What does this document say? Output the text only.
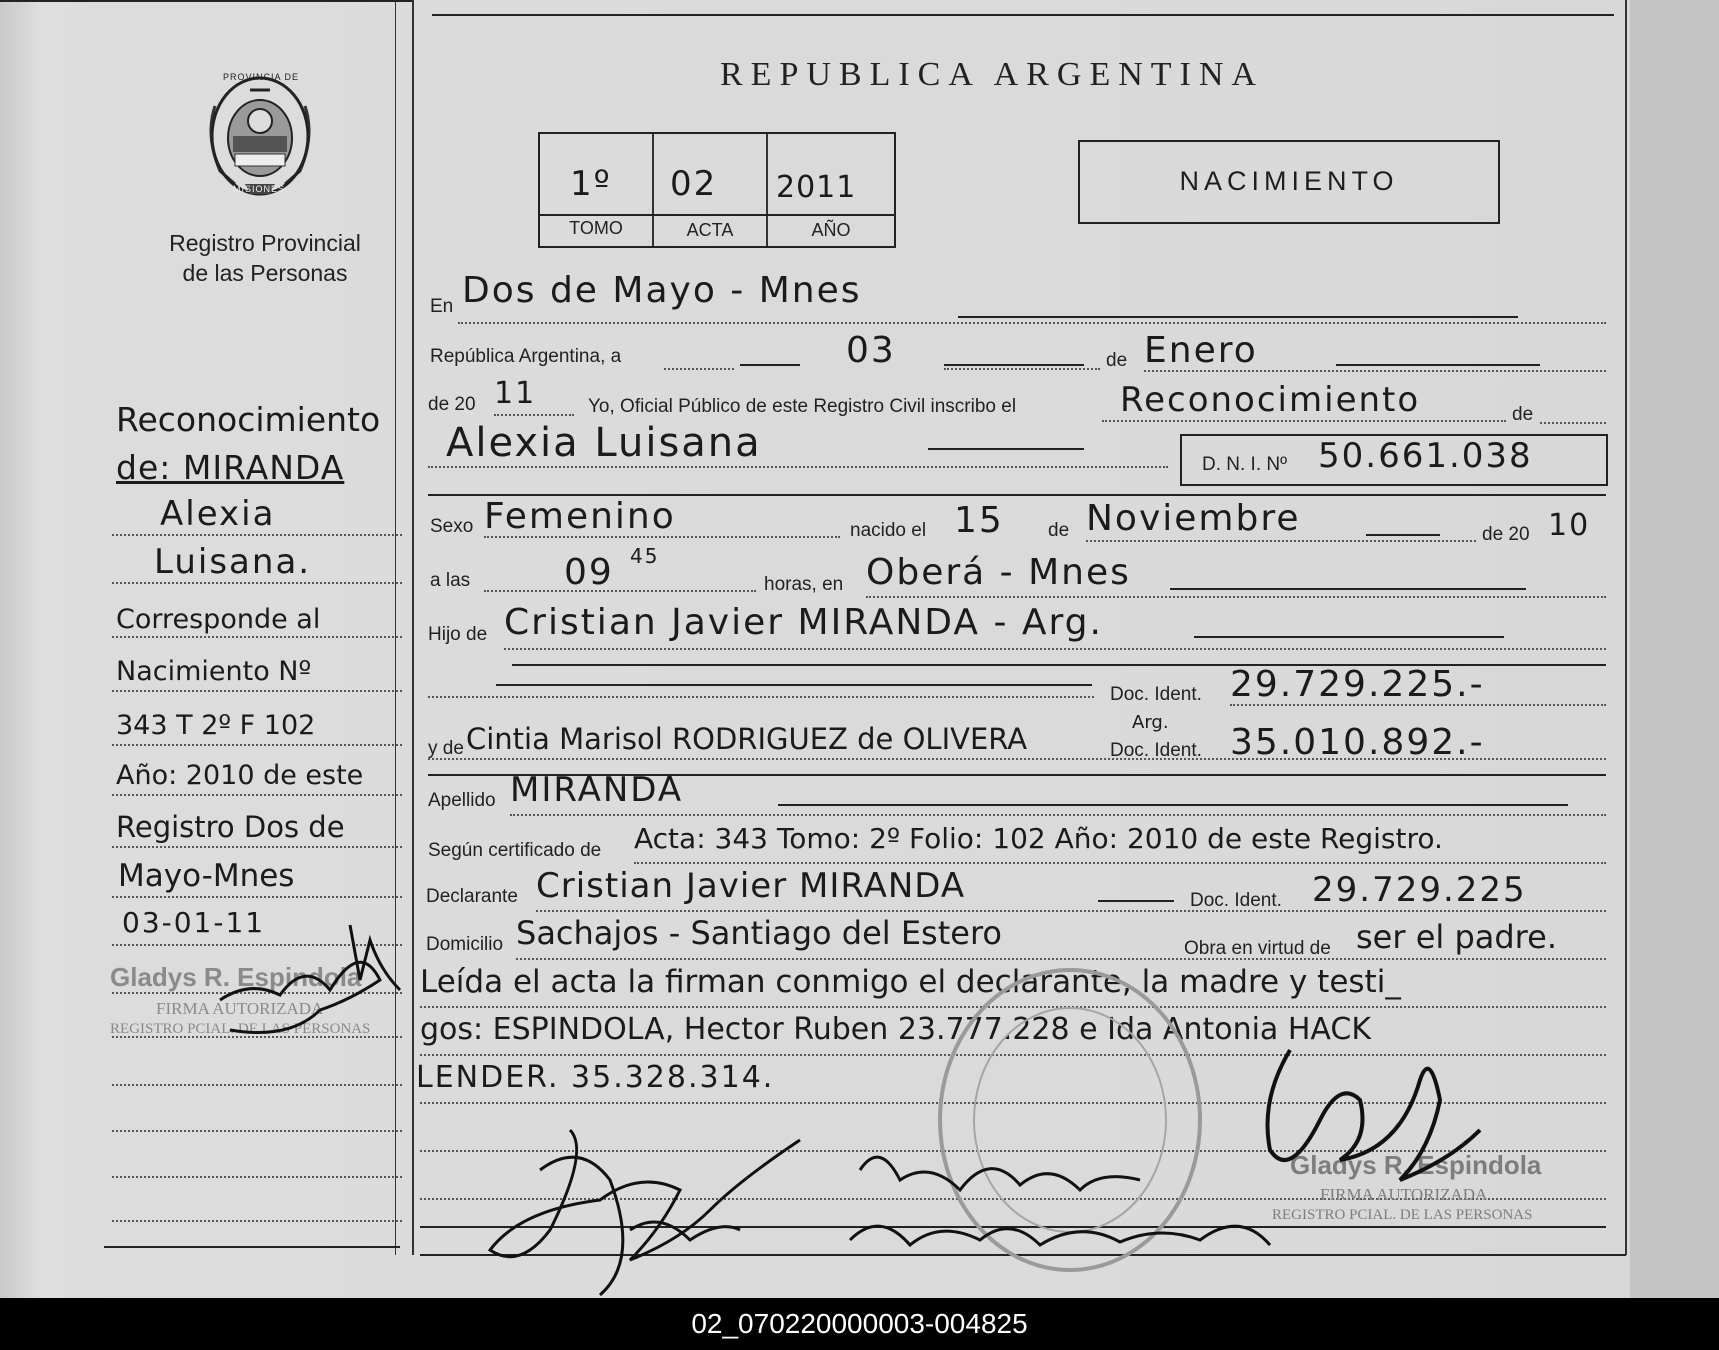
PROVINCIA DE
MISIONES
Registro Provincial
de las Personas
REPUBLICA ARGENTINA
1º 02 2011
TOMO	ACTA	AÑO
NACIMIENTO
En Dos de Mayo - Mnes
República Argentina, a	03	de Enero
de 20 11	Yo, Oficial Público de este Registro Civil inscribo el	Reconocimiento	de
Alexia Luisana	D. N. I. Nº 50.661.038
Sexo Femenino	nacido el 15 de Noviembre	de 20 10
a las	09 45
horas, en Oberá - Mnes
Hijo de Cristian Javier MIRANDA - Arg.
Doc. Ident. 29.729.225.-
y de Cintia Marisol RODRIGUEZ de OLIVERA	Arg.
Doc. Ident. 35.010.892.-
Apellido MIRANDA
Según certificado de Acta: 343 Tomo: 2º Folio: 102 Año: 2010 de este Registro.
Declarante Cristian Javier MIRANDA	Doc. Ident. 29.729.225
Domicilio Sachajos - Santiago del Estero	Obra en virtud de ser el padre.
Leída el acta la firman conmigo el declarante, la madre y testi_
gos: ESPINDOLA, Hector Ruben 23.777.228 e Ida Antonia HACK
LENDER. 35.328.314.
Reconocimiento
de: MIRANDA
Alexia
Luisana.
Corresponde al
Nacimiento Nº
343 T 2º F 102
Año: 2010 de este
Registro Dos de
Mayo-Mnes
03-01-11
Gladys R. Espindola
FIRMA AUTORIZADA
REGISTRO PCIAL. DE LAS PERSONAS
Gladys R. Espindola
FIRMA AUTORIZADA
REGISTRO PCIAL. DE LAS PERSONAS
02_070220000003-004825
